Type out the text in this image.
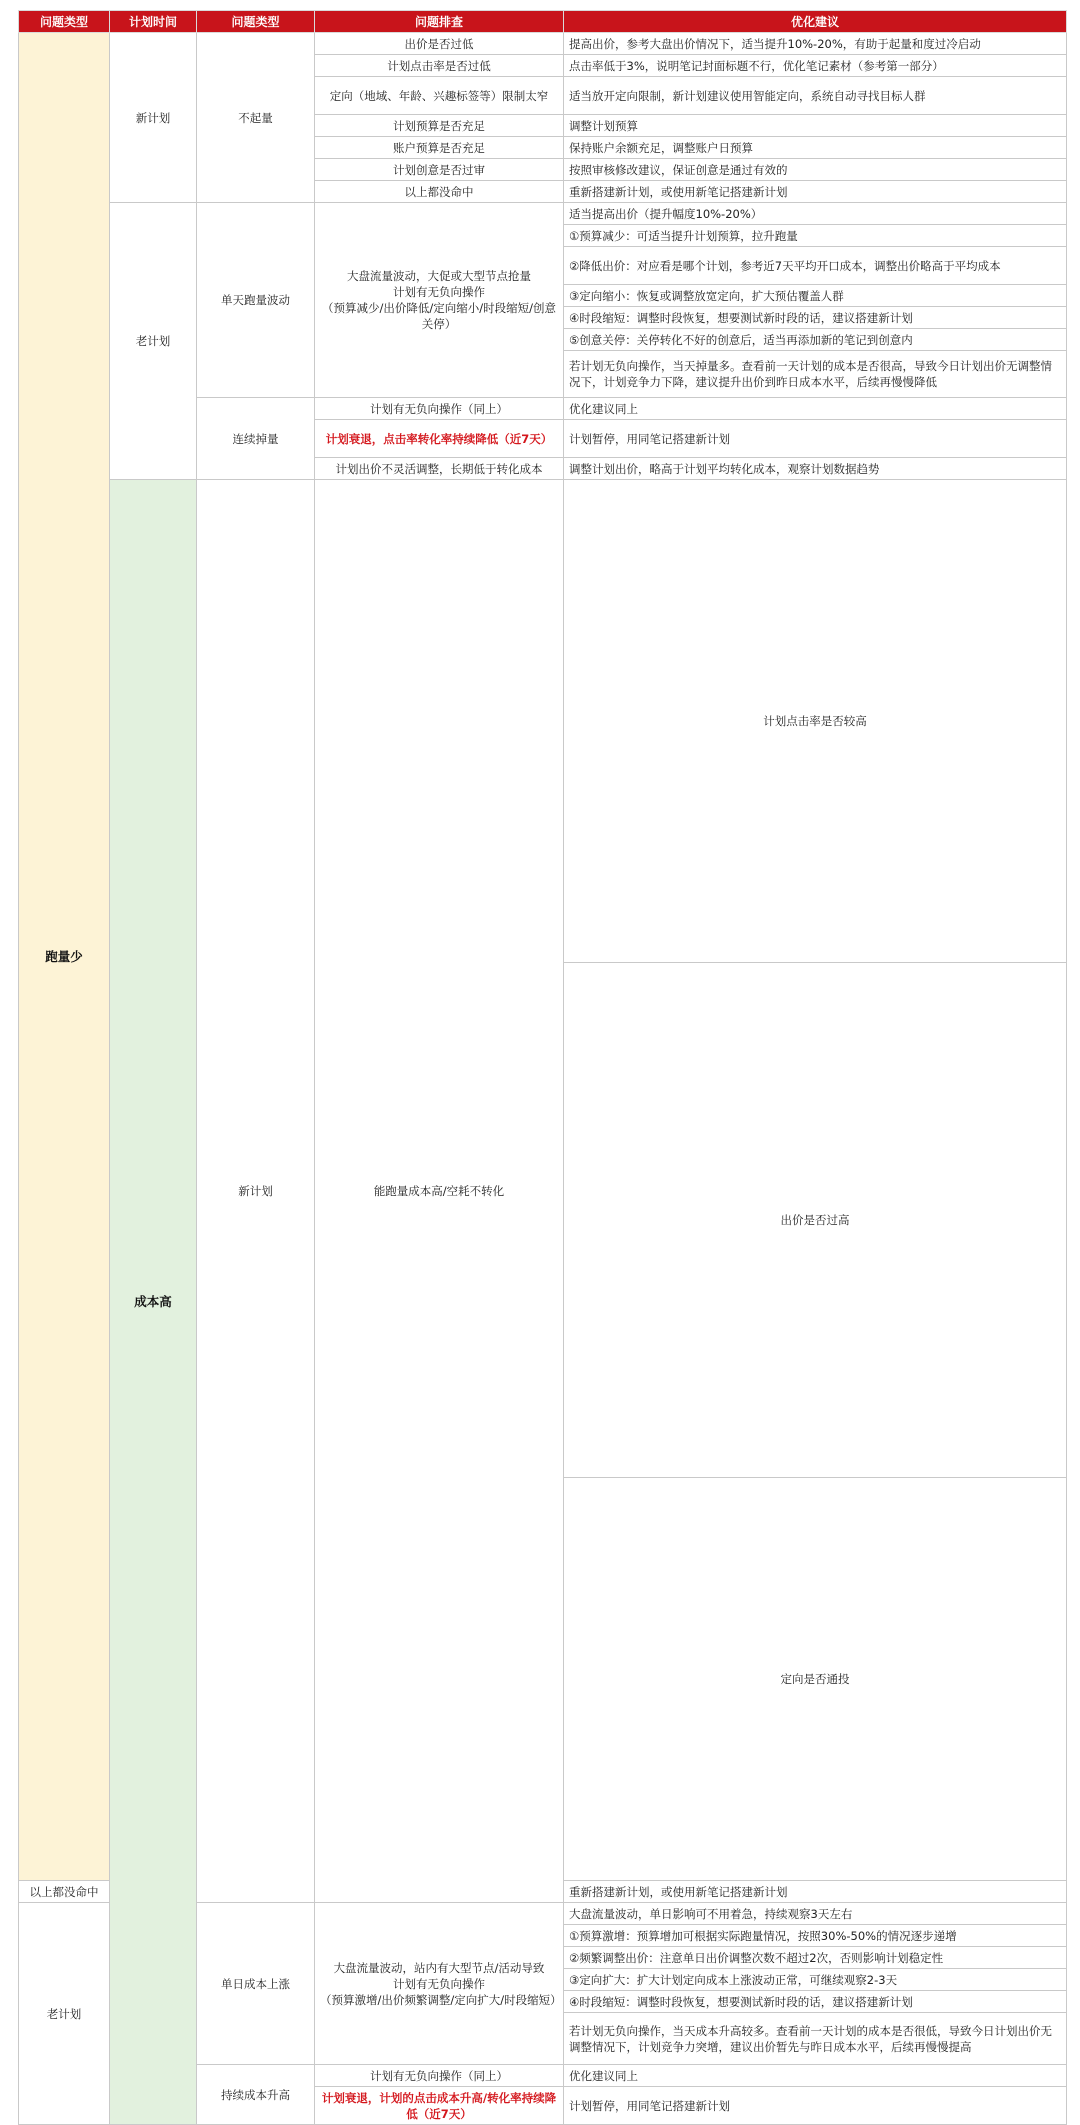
问题类型	计划时间	问题类型	问题排查	优化建议	
跑量少	新计划	不起量	出价是否过低	提高出价，参考大盘出价情况下，适当提升10%-20%，有助于起量和度过冷启动	
			计划点击率是否过低	点击率低于3%，说明笔记封面标题不行，优化笔记素材（参考第一部分）	
			定向（地域、年龄、兴趣标签等）限制太窄	适当放开定向限制，新计划建议使用智能定向，系统自动寻找目标人群	
			计划预算是否充足	调整计划预算	
			账户预算是否充足	保持账户余额充足，调整账户日预算	
			计划创意是否过审	按照审核修改建议，保证创意是通过有效的	
			以上都没命中	重新搭建新计划，或使用新笔记搭建新计划	
	老计划	单天跑量波动	大盘流量波动，大促或大型节点抢量
计划有无负向操作
（预算减少/出价降低/定向缩小/时段缩短/创意关停）	适当提高出价（提升幅度10%-20%）	
				①预算减少：可适当提升计划预算，拉升跑量	
				②降低出价：对应看是哪个计划，参考近7天平均开口成本，调整出价略高于平均成本	
				③定向缩小：恢复或调整放宽定向，扩大预估覆盖人群	
				④时段缩短：调整时段恢复，想要测试新时段的话，建议搭建新计划	
				⑤创意关停：关停转化不好的创意后，适当再添加新的笔记到创意内	
				若计划无负向操作，当天掉量多。查看前一天计划的成本是否很高，导致今日计划出价无调整情况下，计划竞争力下降，建议提升出价到昨日成本水平，后续再慢慢降低	
		连续掉量	计划有无负向操作（同上）	优化建议同上	
			计划衰退，点击率转化率持续降低（近7天）	计划暂停，用同笔记搭建新计划	
			计划出价不灵活调整，长期低于转化成本	调整计划出价，略高于计划平均转化成本，观察计划数据趋势	
	成本高	新计划	能跑量成本高/空耗不转化	计划点击率是否较高	
				出价是否过高	
				定向是否通投	
以上都没命中				重新搭建新计划，或使用新笔记搭建新计划	
老计划		单日成本上涨	大盘流量波动，站内有大型节点/活动导致
计划有无负向操作
（预算激增/出价频繁调整/定向扩大/时段缩短）	大盘流量波动，单日影响可不用着急，持续观察3天左右	
				①预算激增：预算增加可根据实际跑量情况，按照30%-50%的情况逐步递增	
				②频繁调整出价：注意单日出价调整次数不超过2次，否则影响计划稳定性	
				③定向扩大：扩大计划定向成本上涨波动正常，可继续观察2-3天	
				④时段缩短：调整时段恢复，想要测试新时段的话，建议搭建新计划	
				若计划无负向操作，当天成本升高较多。查看前一天计划的成本是否很低，导致今日计划出价无调整情况下，计划竞争力突增，建议出价暂先与昨日成本水平，后续再慢慢提高	
		持续成本升高	计划有无负向操作（同上）	优化建议同上	
			计划衰退，计划的点击成本升高/转化率持续降低（近7天）	计划暂停，用同笔记搭建新计划	
